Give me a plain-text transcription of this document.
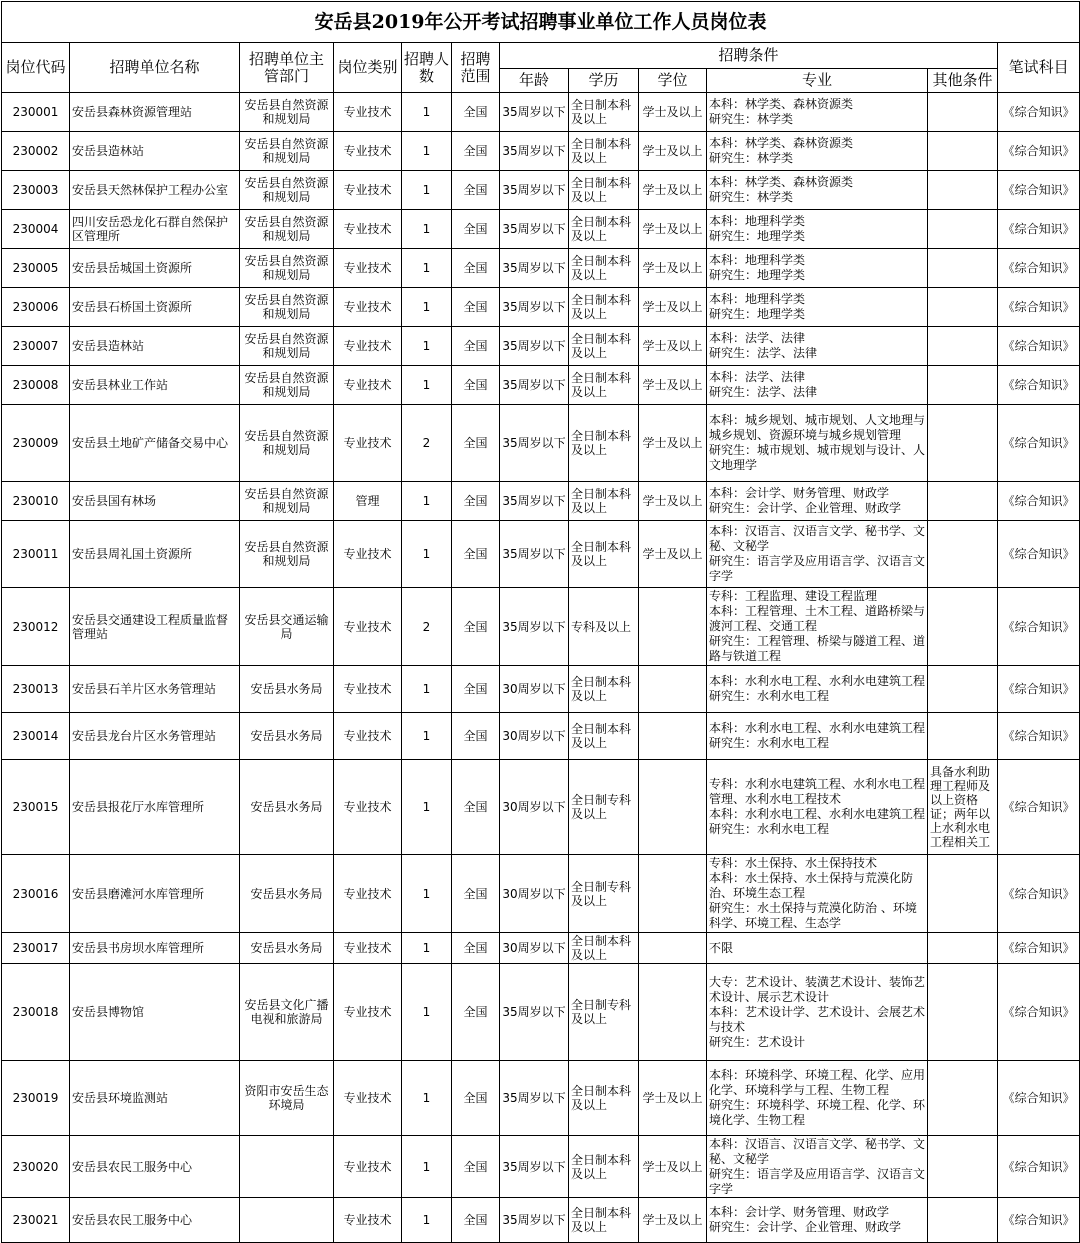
安岳县2019年公开考试招聘事业单位工作人员岗位表											
岗位代码	招聘单位名称	招聘单位主管部门	岗位类别	招聘人数	招聘范围	招聘条件					笔试科目
						年龄	学历	学位	专业	其他条件	
230001	安岳县森林资源管理站	安岳县自然资源和规划局	专业技术	1	全国	35周岁以下	全日制本科及以上	学士及以上	本科：林学类、森林资源类
研究生：林学类		《综合知识》
230002	安岳县造林站	安岳县自然资源和规划局	专业技术	1	全国	35周岁以下	全日制本科及以上	学士及以上	本科：林学类、森林资源类
研究生：林学类		《综合知识》
230003	安岳县天然林保护工程办公室	安岳县自然资源和规划局	专业技术	1	全国	35周岁以下	全日制本科及以上	学士及以上	本科：林学类、森林资源类
研究生：林学类		《综合知识》
230004	四川安岳恐龙化石群自然保护区管理所	安岳县自然资源和规划局	专业技术	1	全国	35周岁以下	全日制本科及以上	学士及以上	本科：地理科学类
研究生：地理学类		《综合知识》
230005	安岳县岳城国土资源所	安岳县自然资源和规划局	专业技术	1	全国	35周岁以下	全日制本科及以上	学士及以上	本科：地理科学类
研究生：地理学类		《综合知识》
230006	安岳县石桥国土资源所	安岳县自然资源和规划局	专业技术	1	全国	35周岁以下	全日制本科及以上	学士及以上	本科：地理科学类
研究生：地理学类		《综合知识》
230007	安岳县造林站	安岳县自然资源和规划局	专业技术	1	全国	35周岁以下	全日制本科及以上	学士及以上	本科：法学、法律
研究生：法学、法律		《综合知识》
230008	安岳县林业工作站	安岳县自然资源和规划局	专业技术	1	全国	35周岁以下	全日制本科及以上	学士及以上	本科：法学、法律
研究生：法学、法律		《综合知识》
230009	安岳县土地矿产储备交易中心	安岳县自然资源和规划局	专业技术	2	全国	35周岁以下	全日制本科及以上	学士及以上	本科：城乡规划、城市规划、人文地理与城乡规划、资源环境与城乡规划管理
研究生：城市规划、城市规划与设计、人文地理学		《综合知识》
230010	安岳县国有林场	安岳县自然资源和规划局	管理	1	全国	35周岁以下	全日制本科及以上	学士及以上	本科：会计学、财务管理、财政学
研究生：会计学、企业管理、财政学		《综合知识》
230011	安岳县周礼国土资源所	安岳县自然资源和规划局	专业技术	1	全国	35周岁以下	全日制本科及以上	学士及以上	本科：汉语言、汉语言文学、秘书学、文秘、文秘学
研究生：语言学及应用语言学、汉语言文字学		《综合知识》
230012	安岳县交通建设工程质量监督管理站	安岳县交通运输局	专业技术	2	全国	35周岁以下	专科及以上		专科：工程监理、建设工程监理
本科：工程管理、土木工程、道路桥梁与渡河工程、交通工程
研究生：工程管理、桥梁与隧道工程、道路与铁道工程		《综合知识》
230013	安岳县石羊片区水务管理站	安岳县水务局	专业技术	1	全国	30周岁以下	全日制本科及以上		本科：水利水电工程、水利水电建筑工程
研究生：水利水电工程		《综合知识》
230014	安岳县龙台片区水务管理站	安岳县水务局	专业技术	1	全国	30周岁以下	全日制本科及以上		本科：水利水电工程、水利水电建筑工程
研究生：水利水电工程		《综合知识》
230015	安岳县报花厅水库管理所	安岳县水务局	专业技术	1	全国	30周岁以下	全日制专科及以上		专科：水利水电建筑工程、水利水电工程管理、水利水电工程技术
本科：水利水电工程、水利水电建筑工程
研究生：水利水电工程	具备水利助理工程师及以上资格证；两年以上水利水电工程相关工	《综合知识》
230016	安岳县磨滩河水库管理所	安岳县水务局	专业技术	1	全国	30周岁以下	全日制专科及以上		专科：水土保持、水土保持技术
本科：水土保持、水土保持与荒漠化防治、环境生态工程
研究生：水土保持与荒漠化防治 、环境科学、环境工程、生态学		《综合知识》
230017	安岳县书房坝水库管理所	安岳县水务局	专业技术	1	全国	30周岁以下	全日制本科及以上		不限		《综合知识》
230018	安岳县博物馆	安岳县文化广播电视和旅游局	专业技术	1	全国	35周岁以下	全日制专科及以上		大专：艺术设计、装潢艺术设计、装饰艺术设计、展示艺术设计
本科：艺术设计学、艺术设计、会展艺术与技术
研究生：艺术设计		《综合知识》
230019	安岳县环境监测站	资阳市安岳生态环境局	专业技术	1	全国	35周岁以下	全日制本科及以上	学士及以上	本科：环境科学、环境工程、化学、应用化学、环境科学与工程、生物工程
研究生：环境科学、环境工程、化学、环境化学、生物工程		《综合知识》
230020	安岳县农民工服务中心		专业技术	1	全国	35周岁以下	全日制本科及以上	学士及以上	本科：汉语言、汉语言文学、秘书学、文秘、文秘学
研究生：语言学及应用语言学、汉语言文字学		《综合知识》
230021	安岳县农民工服务中心		专业技术	1	全国	35周岁以下	全日制本科及以上	学士及以上	本科：会计学、财务管理、财政学
研究生：会计学、企业管理、财政学		《综合知识》
